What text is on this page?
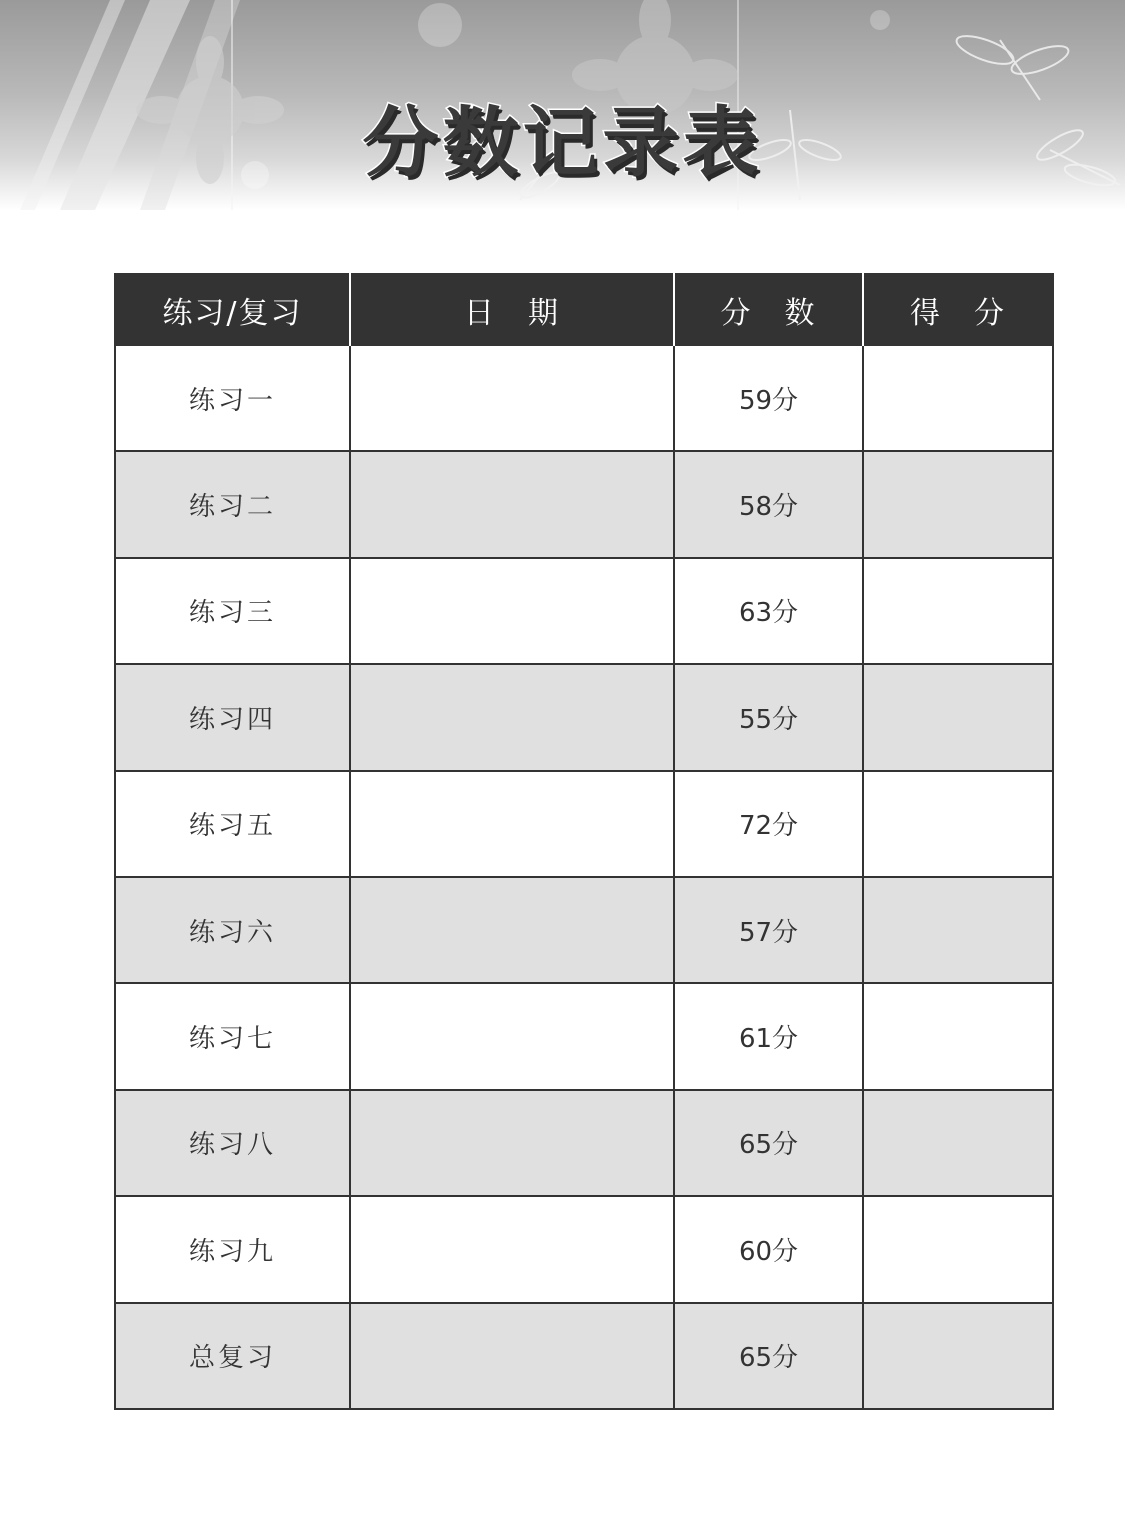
分数记录表
练习/复习	日　期	分　数	得　分
练习一		59分	
练习二		58分	
练习三		63分	
练习四		55分	
练习五		72分	
练习六		57分	
练习七		61分	
练习八		65分	
练习九		60分	
总复习		65分	
